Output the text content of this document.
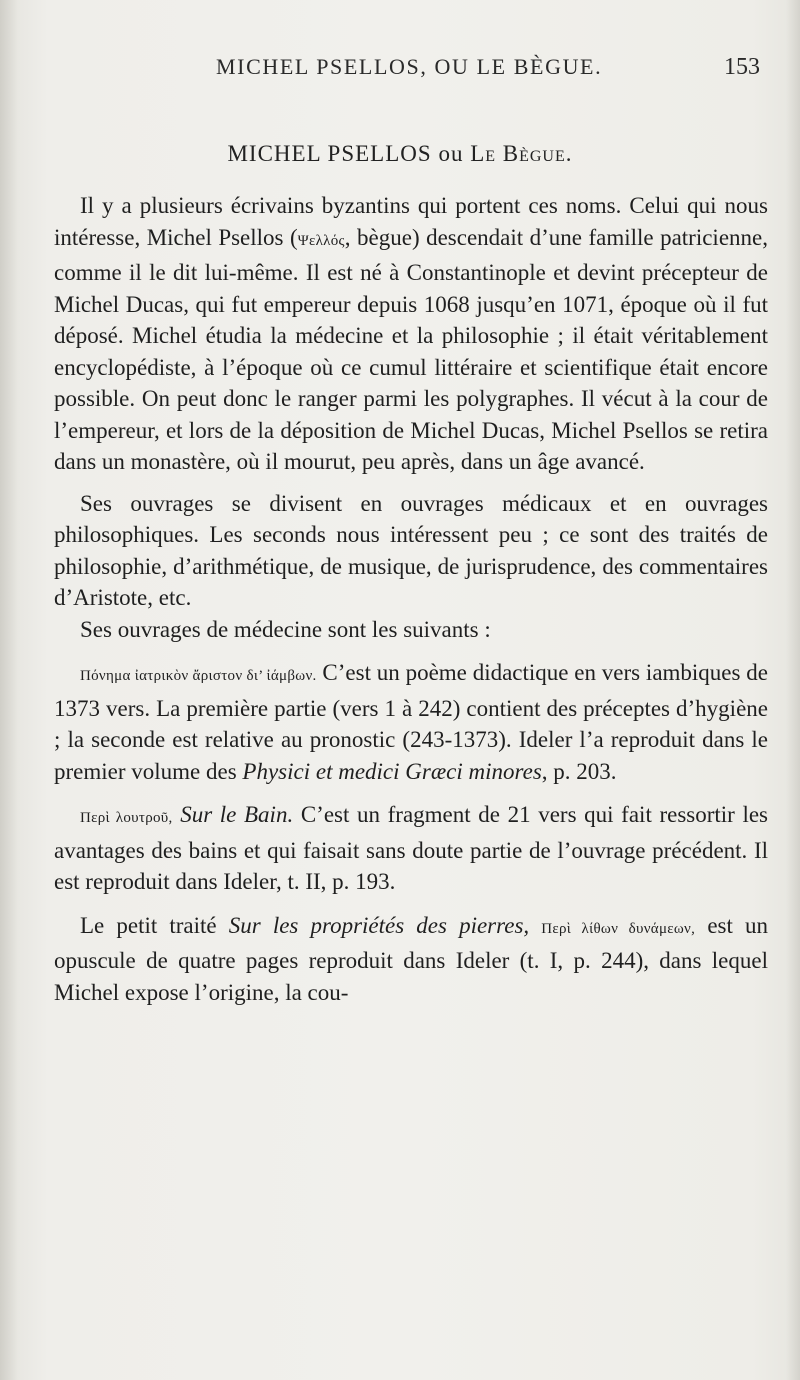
MICHEL PSELLOS, OU LE BÈGUE.	153
MICHEL PSELLOS ou Le Bègue.

Il y a plusieurs écrivains byzantins qui portent ces noms. Celui qui nous intéresse, Michel Psellos (Ψελλός, bègue) descendait d’une famille patricienne, comme il le dit lui-même. Il est né à Constantinople et devint précepteur de Michel Ducas, qui fut empereur depuis 1068 jusqu’en 1071, époque où il fut déposé. Michel étudia la médecine et la philosophie ; il était véritablement encyclopédiste, à l’époque où ce cumul littéraire et scientifique était encore possible. On peut donc le ranger parmi les polygraphes. Il vécut à la cour de l’empereur, et lors de la déposition de Michel Ducas, Michel Psellos se retira dans un monastère, où il mourut, peu après, dans un âge avancé.

Ses ouvrages se divisent en ouvrages médicaux et en ouvrages philosophiques. Les seconds nous intéressent peu ; ce sont des traités de philosophie, d’arithmétique, de musique, de jurisprudence, des commentaires d’Aristote, etc.

Ses ouvrages de médecine sont les suivants :

Πόνημα ἰατρικὸν ἄριστον δι’ ἰάμβων. C’est un poème didactique en vers iambiques de 1373 vers. La première partie (vers 1 à 242) contient des préceptes d’hygiène ; la seconde est relative au pronostic (243-1373). Ideler l’a reproduit dans le premier volume des Physici et medici Græci minores, p. 203.

Περὶ λουτροῦ, Sur le Bain. C’est un fragment de 21 vers qui fait ressortir les avantages des bains et qui faisait sans doute partie de l’ouvrage précédent. Il est reproduit dans Ideler, t. II, p. 193.

Le petit traité Sur les propriétés des pierres, Περὶ λίθων δυνάμεων, est un opuscule de quatre pages reproduit dans Ideler (t. I, p. 244), dans lequel Michel expose l’origine, la cou-
